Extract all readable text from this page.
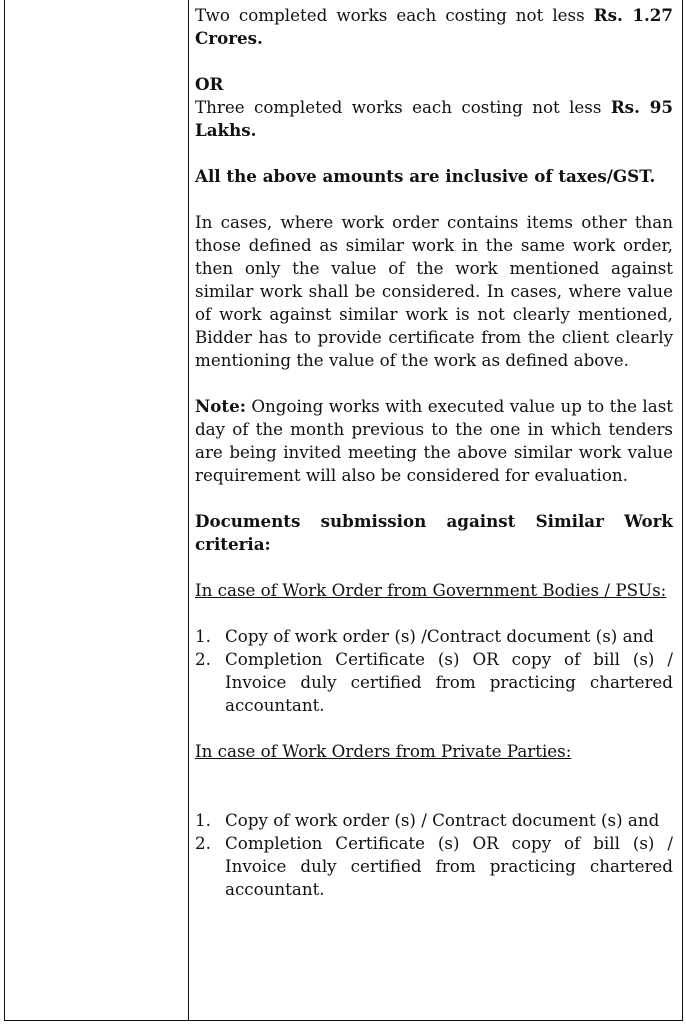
Two completed works each costing not less Rs. 1.27 Crores.

OR

Three completed works each costing not less Rs. 95 Lakhs.

All the above amounts are inclusive of taxes/GST.

In cases, where work order contains items other than those defined as similar work in the same work order, then only the value of the work mentioned against similar work shall be considered. In cases, where value of work against similar work is not clearly mentioned, Bidder has to provide certificate from the client clearly mentioning the value of the work as defined above.

Note: Ongoing works with executed value up to the last day of the month previous to the one in which tenders are being invited meeting the above similar work value requirement will also be considered for evaluation.

Documents submission against Similar Work criteria:

In case of Work Order from Government Bodies / PSUs:

1. Copy of work order (s) /Contract document (s) and
2. Completion Certificate (s) OR copy of bill (s) / Invoice duly certified from practicing chartered accountant.

In case of Work Orders from Private Parties:

1. Copy of work order (s) / Contract document (s) and
2. Completion Certificate (s) OR copy of bill (s) / Invoice duly certified from practicing chartered accountant.
